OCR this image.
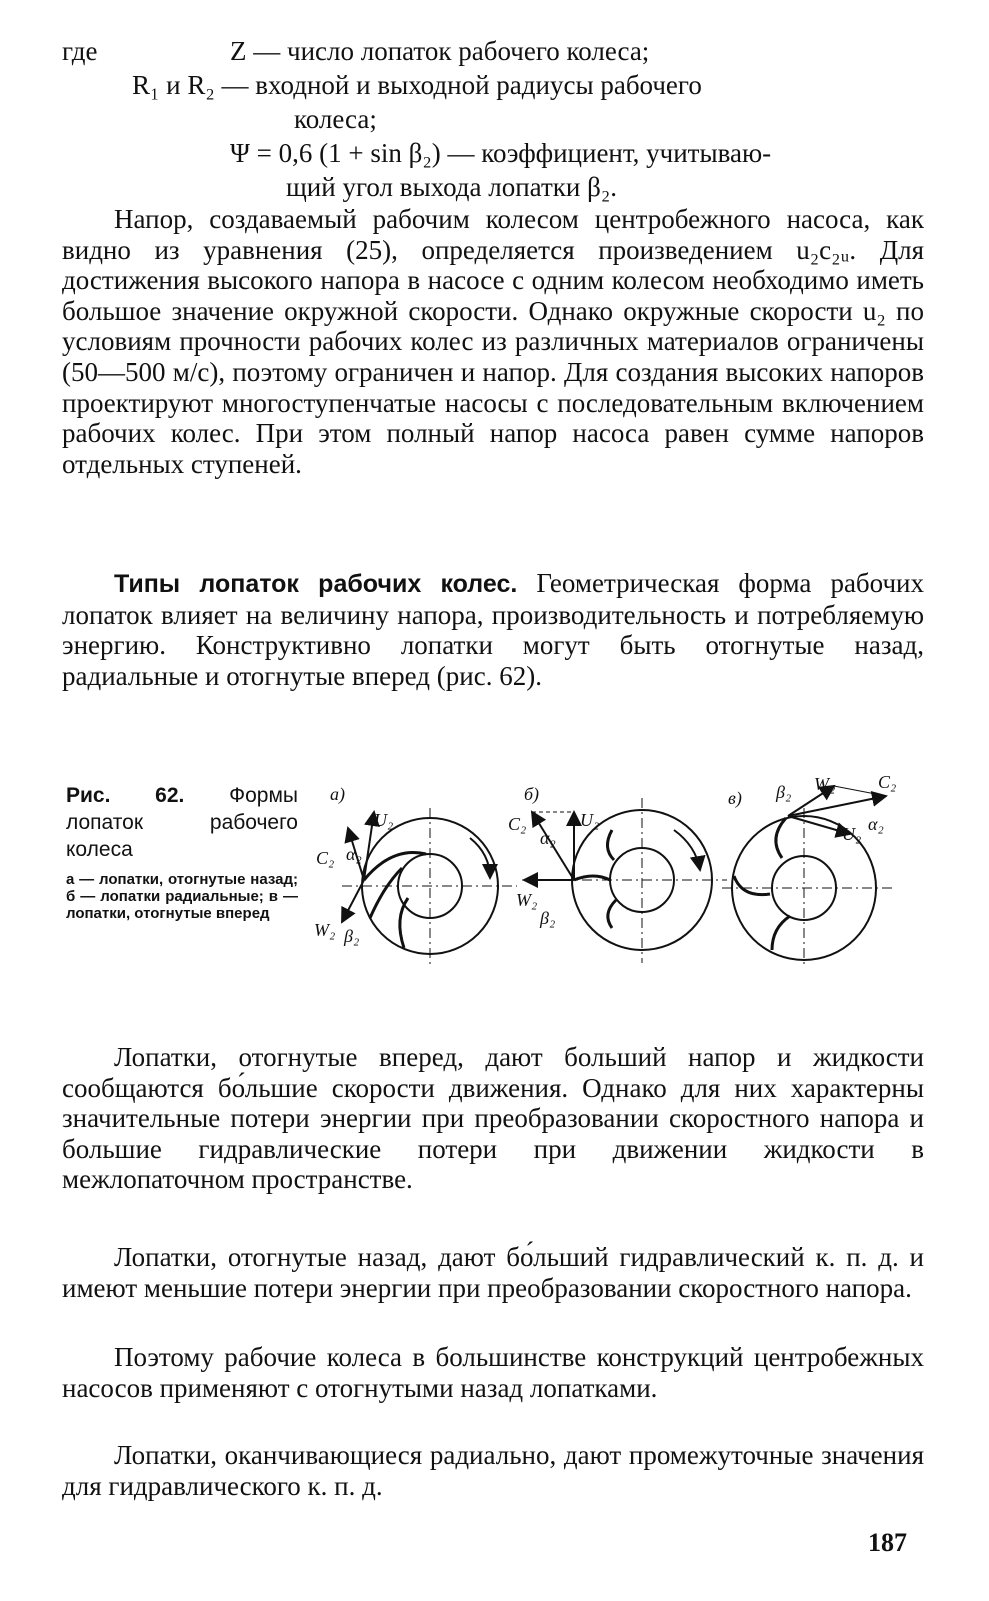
где	Z — число лопаток рабочего колеса;
R₁ и R₂ — входной и выходной радиусы рабочего
колеса;
Ψ = 0,6 (1 + sin β₂) — коэффициент, учитываю-
щий угол выхода лопатки β₂.

Напор, создаваемый рабочим колесом центробежного насоса, как видно из уравнения (25), определяется произведением u₂c₂ᵤ. Для достижения высокого напора в насосе с одним колесом необходимо иметь большое значение окружной скорости. Однако окружные скорости u₂ по условиям прочности рабочих колес из различных материалов ограничены (50—500 м/с), поэтому ограничен и напор. Для создания высоких напоров проектируют многоступенчатые насосы с последовательным включением рабочих колес. При этом полный напор насоса равен сумме напоров отдельных ступеней.

Типы лопаток рабочих колес. Геометрическая форма рабочих лопаток влияет на величину напора, производительность и потребляемую энергию. Конструктивно лопатки могут быть отогнутые назад, радиальные и отогнутые вперед (рис. 62).

Рис. 62. Формы лопаток рабочего колеса
а — лопатки, отогнутые назад; б — лопатки радиальные; в — лопатки, отогнутые вперед
а)
U₂
C₂ α₂
W₂ β₂
б)
U₂
C₂
α₂
W₂
β₂
в) β₂ W₂ C₂
U₂ α₂

Лопатки, отогнутые вперед, дают больший напор и жидкости сообщаются бо́льшие скорости движения. Однако для них характерны значительные потери энергии при преобразовании скоростного напора и большие гидравлические потери при движении жидкости в межлопаточном пространстве.

Лопатки, отогнутые назад, дают бо́льший гидравлический к. п. д. и имеют меньшие потери энергии при преобразовании скоростного напора.

Поэтому рабочие колеса в большинстве конструкций центробежных насосов применяют с отогнутыми назад лопатками.

Лопатки, оканчивающиеся радиально, дают промежуточные значения для гидравлического к. п. д.

187
